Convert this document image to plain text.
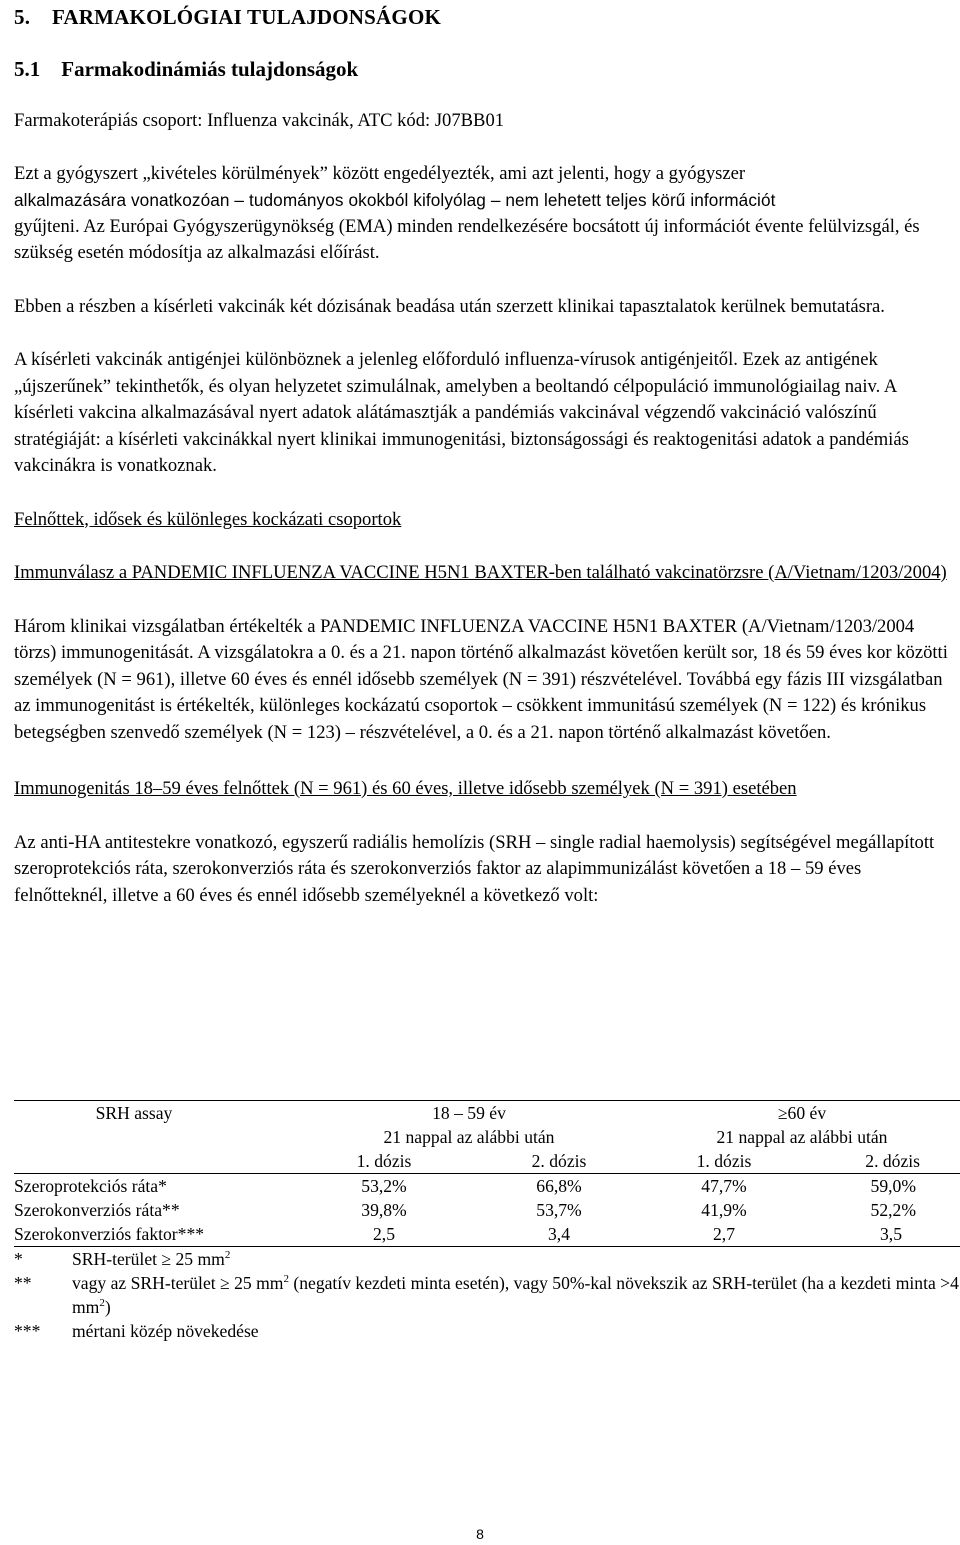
5.    FARMAKOLÓGIAI TULAJDONSÁGOK
5.1    Farmakodinámiás tulajdonságok

Farmakoterápiás csoport: Influenza vakcinák, ATC kód: J07BB01

Ezt a gyógyszert „kivételes körülmények” között engedélyezték, ami azt jelenti, hogy a gyógyszer

alkalmazására vonatkozóan – tudományos okokból kifolyólag – nem lehetett teljes körű információt

gyűjteni. Az Európai Gyógyszerügynökség (EMA) minden rendelkezésére bocsátott új információt évente felülvizsgál, és szükség esetén módosítja az alkalmazási előírást.

Ebben a részben a kísérleti vakcinák két dózisának beadása után szerzett klinikai tapasztalatok kerülnek bemutatásra.

A kísérleti vakcinák antigénjei különböznek a jelenleg előforduló influenza-vírusok antigénjeitől. Ezek az antigének „újszerűnek” tekinthetők, és olyan helyzetet szimulálnak, amelyben a beoltandó célpopuláció immunológiailag naiv. A kísérleti vakcina alkalmazásával nyert adatok alátámasztják a pandémiás vakcinával végzendő vakcináció valószínű stratégiáját: a kísérleti vakcinákkal nyert klinikai immunogenitási, biztonságossági és reaktogenitási adatok a pandémiás vakcinákra is vonatkoznak.

Felnőttek, idősek és különleges kockázati csoportok

Immunválasz a PANDEMIC INFLUENZA VACCINE H5N1 BAXTER-ben található vakcinatörzsre (A/Vietnam/1203/2004)

Három klinikai vizsgálatban értékelték a PANDEMIC INFLUENZA VACCINE H5N1 BAXTER (A/Vietnam/1203/2004 törzs) immunogenitását. A vizsgálatokra a 0. és a 21. napon történő alkalmazást követően került sor, 18 és 59 éves kor közötti személyek (N = 961), illetve 60 éves és ennél idősebb személyek (N = 391) részvételével. Továbbá egy fázis III vizsgálatban az immunogenitást is értékelték, különleges kockázatú csoportok – csökkent immunitású személyek (N = 122) és krónikus betegségben szenvedő személyek (N = 123) – részvételével, a 0. és a 21. napon történő alkalmazást követően.

Immunogenitás 18–59 éves felnőttek (N = 961) és 60 éves, illetve idősebb személyek (N = 391) esetében

Az anti-HA antitestekre vonatkozó, egyszerű radiális hemolízis (SRH – single radial haemolysis) segítségével megállapított szeroprotekciós ráta, szerokonverziós ráta és szerokonverziós faktor az alapimmunizálást követően a 18 – 59 éves felnőtteknél, illetve a 60 éves és ennél idősebb személyeknél a következő volt:

SRH assay	18 – 59 év		≥60 év	
	21 nappal az alábbi után		21 nappal az alábbi után	
	1. dózis	2. dózis	1. dózis	2. dózis
Szeroprotekciós ráta*	53,2%	66,8%	47,7%	59,0%
Szerokonverziós ráta**	39,8%	53,7%	41,9%	52,2%
Szerokonverziós faktor***	2,5	3,4	2,7	3,5
*	SRH-terület ≥ 25 $mm^2$
**	vagy az SRH-terület ≥ 25 $mm^2$ (negatív kezdeti minta esetén), vagy 50%-kal növekszik az SRH-terület (ha a kezdeti minta >4 $mm^2$)
***	mértani közép növekedése
8
